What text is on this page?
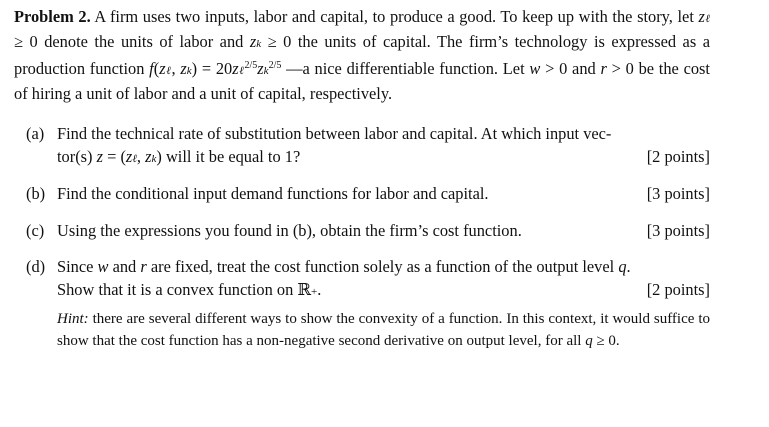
Problem 2. A firm uses two inputs, labor and capital, to produce a good. To keep up with the story, let zℓ ≥ 0 denote the units of labor and zk ≥ 0 the units of capital. The firm’s technology is expressed as a production function f(zℓ, $zk) = 20z\ell^{2/5}zk^{2/5}$ —a nice differentiable function. Let w > 0 and r > 0 be the cost of hiring a unit of labor and a unit of capital, respectively.
(a) Find the technical rate of substitution between labor and capital. At which input vec-
tor(s) z = (zℓ, zk) will it be equal to 1?	[2 points]
(b) Find the conditional input demand functions for labor and capital.	[3 points]
(c) Using the expressions you found in (b), obtain the firm’s cost function.	[3 points]
(d) Since w and r are fixed, treat the cost function solely as a function of the output level q.
Show that it is a convex function on ℝ+.	[2 points]
Hint: there are several different ways to show the convexity of a function. In this context, it would suffice to show that the cost function has a non-negative second derivative on output level, for all q ≥ 0.
